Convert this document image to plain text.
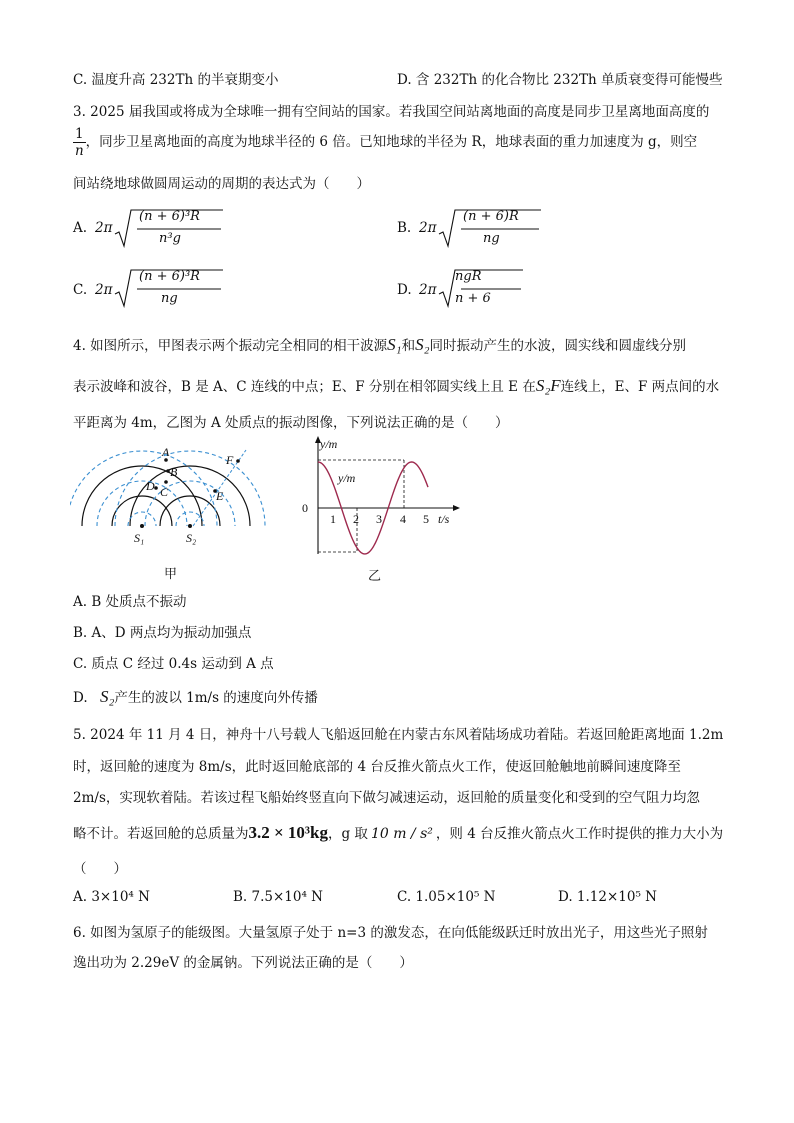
C. 温度升高 232Th 的半衰期变小	D. 含 232Th 的化合物比 232Th 单质衰变得可能慢些
3. 2025 届我国或将成为全球唯一拥有空间站的国家。若我国空间站离地面的高度是同步卫星离地面高度的
$\frac{1}{n}$ ，同步卫星离地面的高度为地球半径的 6 倍。已知地球的半径为 R，地球表面的重力加速度为 g，则空
间站绕地球做圆周运动的周期的表达式为（　　）
A. 2π
(n + 6)³R
n³g
B. 2π
(n + 6)R
ng
C. 2π
(n + 6)³R
ng
D. 2π
ngR
n + 6
4. 如图所示，甲图表示两个振动完全相同的相干波源S₁和S₂同时振动产生的水波，圆实线和圆虚线分别
表示波峰和波谷，B 是 A、C 连线的中点；E、F 分别在相邻圆实线上且 E 在S₂F连线上，E、F 两点间的水
平距离为 4m，乙图为 A 处质点的振动图像，下列说法正确的是（　　）
A
B
C
D
E
F
S₁	S₂
甲
y/m
y/m
0
t/s
1 2 3 4 5
乙
A. B 处质点不振动
B. A、D 两点均为振动加强点
C. 质点 C 经过 0.4s 运动到 A 点
D. S₂产生的波以 1m/s 的速度向外传播
5. 2024 年 11 月 4 日，神舟十八号载人飞船返回舱在内蒙古东风着陆场成功着陆。若返回舱距离地面 1.2m
时，返回舱的速度为 8m/s，此时返回舱底部的 4 台反推火箭点火工作，使返回舱触地前瞬间速度降至
2m/s，实现软着陆。若该过程飞船始终竖直向下做匀减速运动，返回舱的质量变化和受到的空气阻力均忽
略不计。若返回舱的总质量为3.2 × 10³kg，g 取 10 m / s² ，则 4 台反推火箭点火工作时提供的推力大小为
（　　）
A. 3×10⁴ N	B. 7.5×10⁴ N	C. 1.05×10⁵ N	D. 1.12×10⁵ N
6. 如图为氢原子的能级图。大量氢原子处于 n=3 的激发态，在向低能级跃迁时放出光子，用这些光子照射
逸出功为 2.29eV 的金属钠。下列说法正确的是（　　）
